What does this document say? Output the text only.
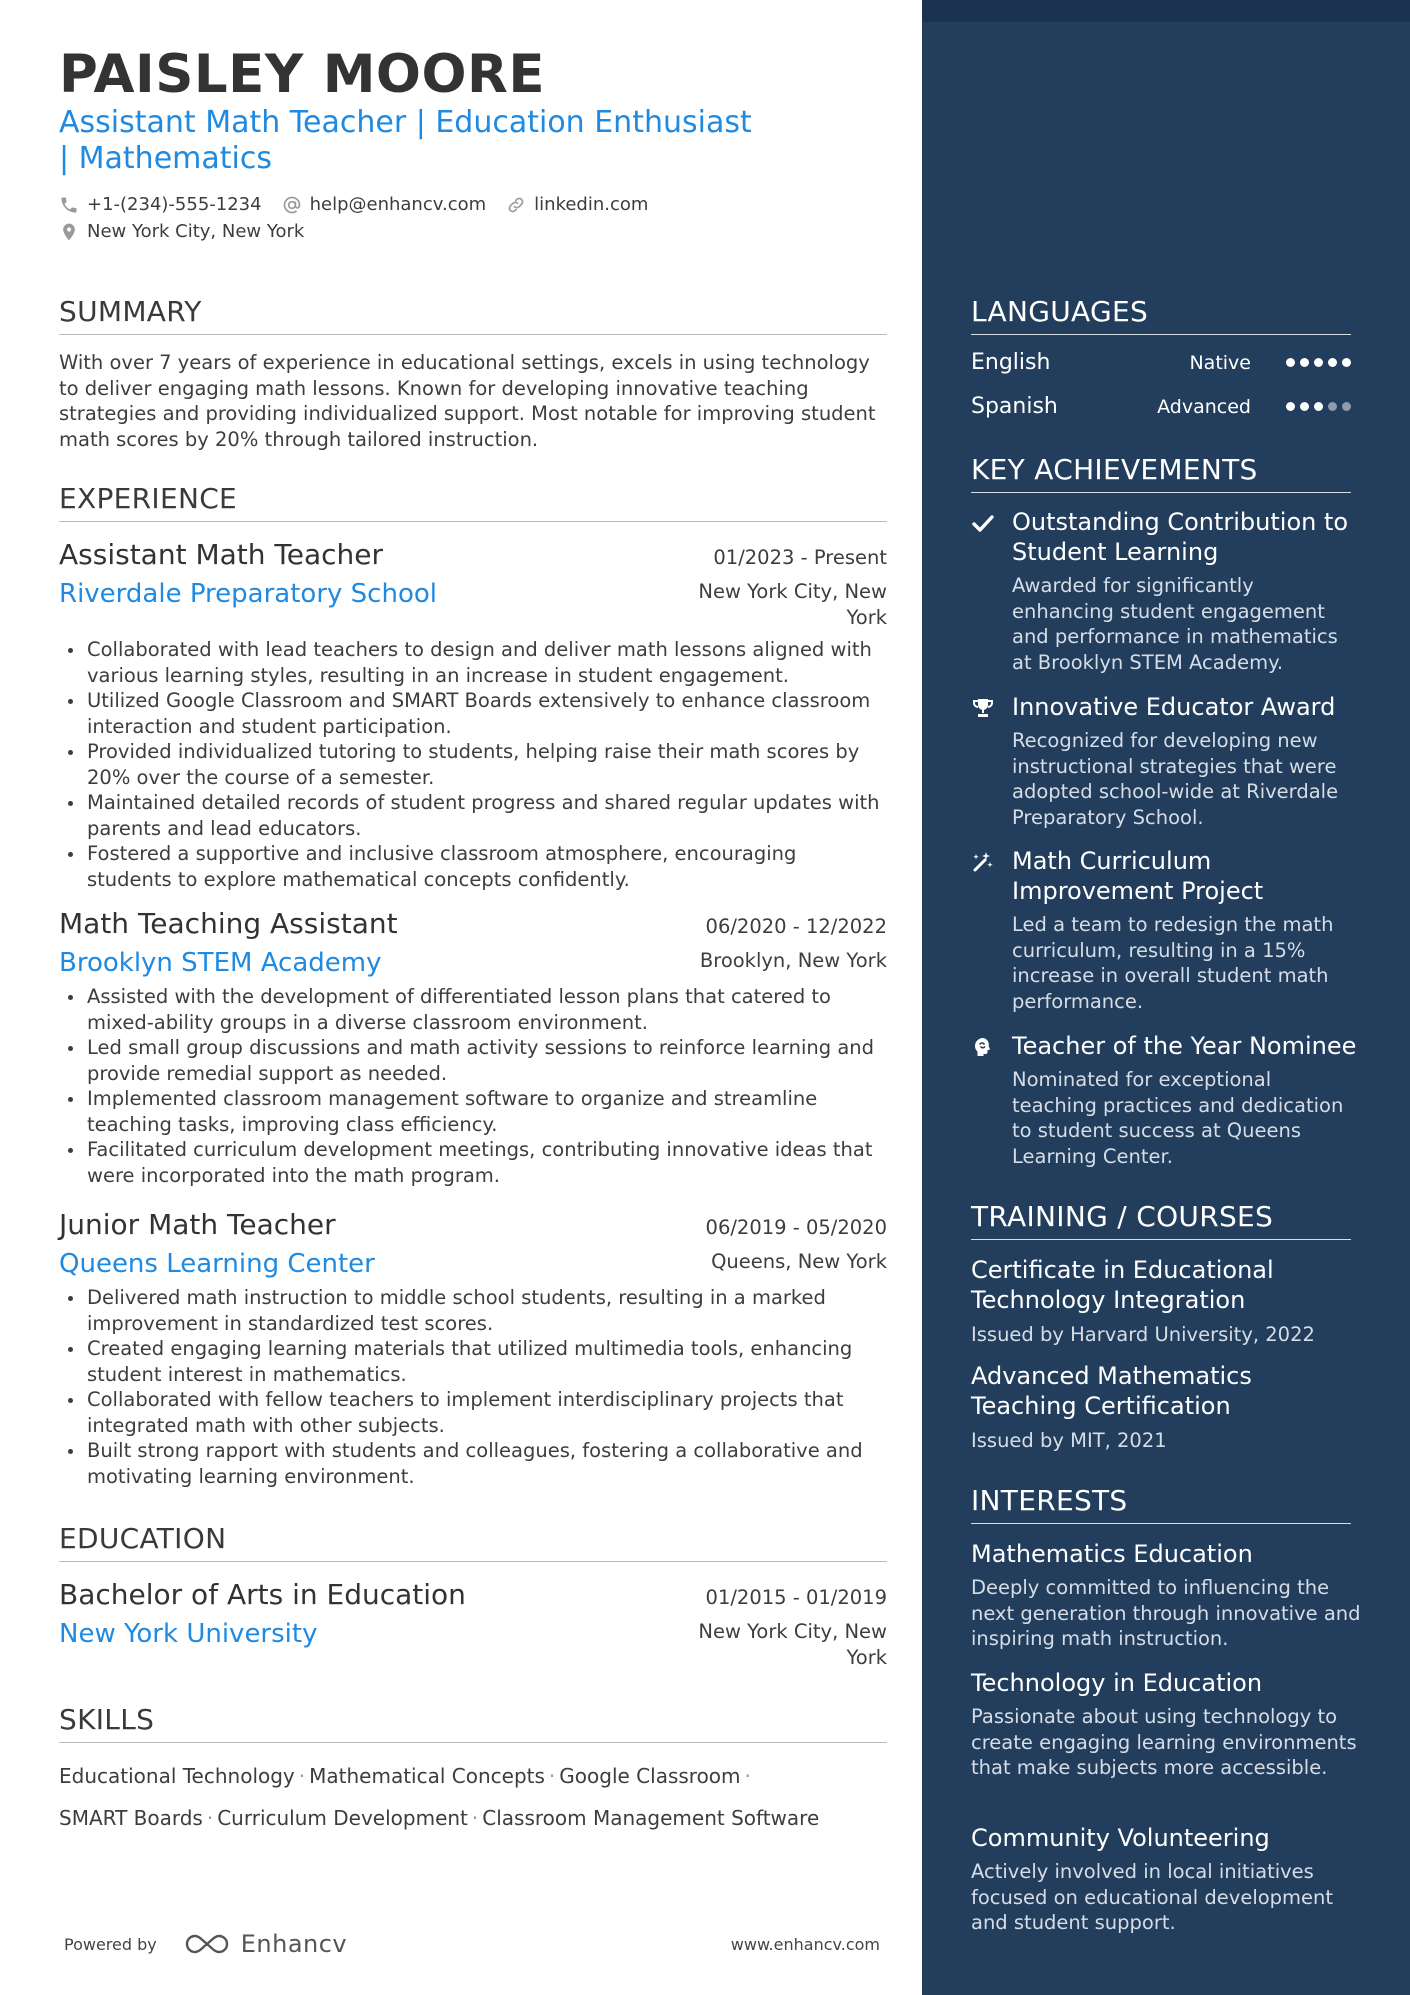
PAISLEY MOORE
Assistant Math Teacher | Education Enthusiast | Mathematics
+1-(234)-555-1234	help@enhancv.com	linkedin.com
New York City, New York
SUMMARY
With over 7 years of experience in educational settings, excels in using technology to deliver engaging math lessons. Known for developing innovative teaching strategies and providing individualized support. Most notable for improving student math scores by 20% through tailored instruction.
EXPERIENCE
Assistant Math Teacher	01/2023 - Present
Riverdale Preparatory School	New York City, New York
Collaborated with lead teachers to design and deliver math lessons aligned with various learning styles, resulting in an increase in student engagement.
Utilized Google Classroom and SMART Boards extensively to enhance classroom interaction and student participation.
Provided individualized tutoring to students, helping raise their math scores by 20% over the course of a semester.
Maintained detailed records of student progress and shared regular updates with parents and lead educators.
Fostered a supportive and inclusive classroom atmosphere, encouraging students to explore mathematical concepts confidently.
Math Teaching Assistant	06/2020 - 12/2022
Brooklyn STEM Academy	Brooklyn, New York
Assisted with the development of differentiated lesson plans that catered to mixed-ability groups in a diverse classroom environment.
Led small group discussions and math activity sessions to reinforce learning and provide remedial support as needed.
Implemented classroom management software to organize and streamline teaching tasks, improving class efficiency.
Facilitated curriculum development meetings, contributing innovative ideas that were incorporated into the math program.
Junior Math Teacher	06/2019 - 05/2020
Queens Learning Center	Queens, New York
Delivered math instruction to middle school students, resulting in a marked improvement in standardized test scores.
Created engaging learning materials that utilized multimedia tools, enhancing student interest in mathematics.
Collaborated with fellow teachers to implement interdisciplinary projects that integrated math with other subjects.
Built strong rapport with students and colleagues, fostering a collaborative and motivating learning environment.
EDUCATION
Bachelor of Arts in Education	01/2015 - 01/2019
New York University	New York City, New York
SKILLS
Educational Technology · Mathematical Concepts · Google Classroom ·
SMART Boards · Curriculum Development · Classroom Management Software
Powered by	Enhancv	www.enhancv.com
LANGUAGES
English	Native
Spanish	Advanced
KEY ACHIEVEMENTS
Outstanding Contribution to Student Learning
Awarded for significantly enhancing student engagement and performance in mathematics at Brooklyn STEM Academy.
Innovative Educator Award
Recognized for developing new instructional strategies that were adopted school-wide at Riverdale Preparatory School.
Math Curriculum Improvement Project
Led a team to redesign the math curriculum, resulting in a 15% increase in overall student math performance.
Teacher of the Year Nominee
Nominated for exceptional teaching practices and dedication to student success at Queens Learning Center.
TRAINING / COURSES
Certificate in Educational Technology Integration
Issued by Harvard University, 2022
Advanced Mathematics Teaching Certification
Issued by MIT, 2021
INTERESTS
Mathematics Education
Deeply committed to influencing the next generation through innovative and inspiring math instruction.
Technology in Education
Passionate about using technology to create engaging learning environments that make subjects more accessible.
Community Volunteering
Actively involved in local initiatives focused on educational development and student support.
